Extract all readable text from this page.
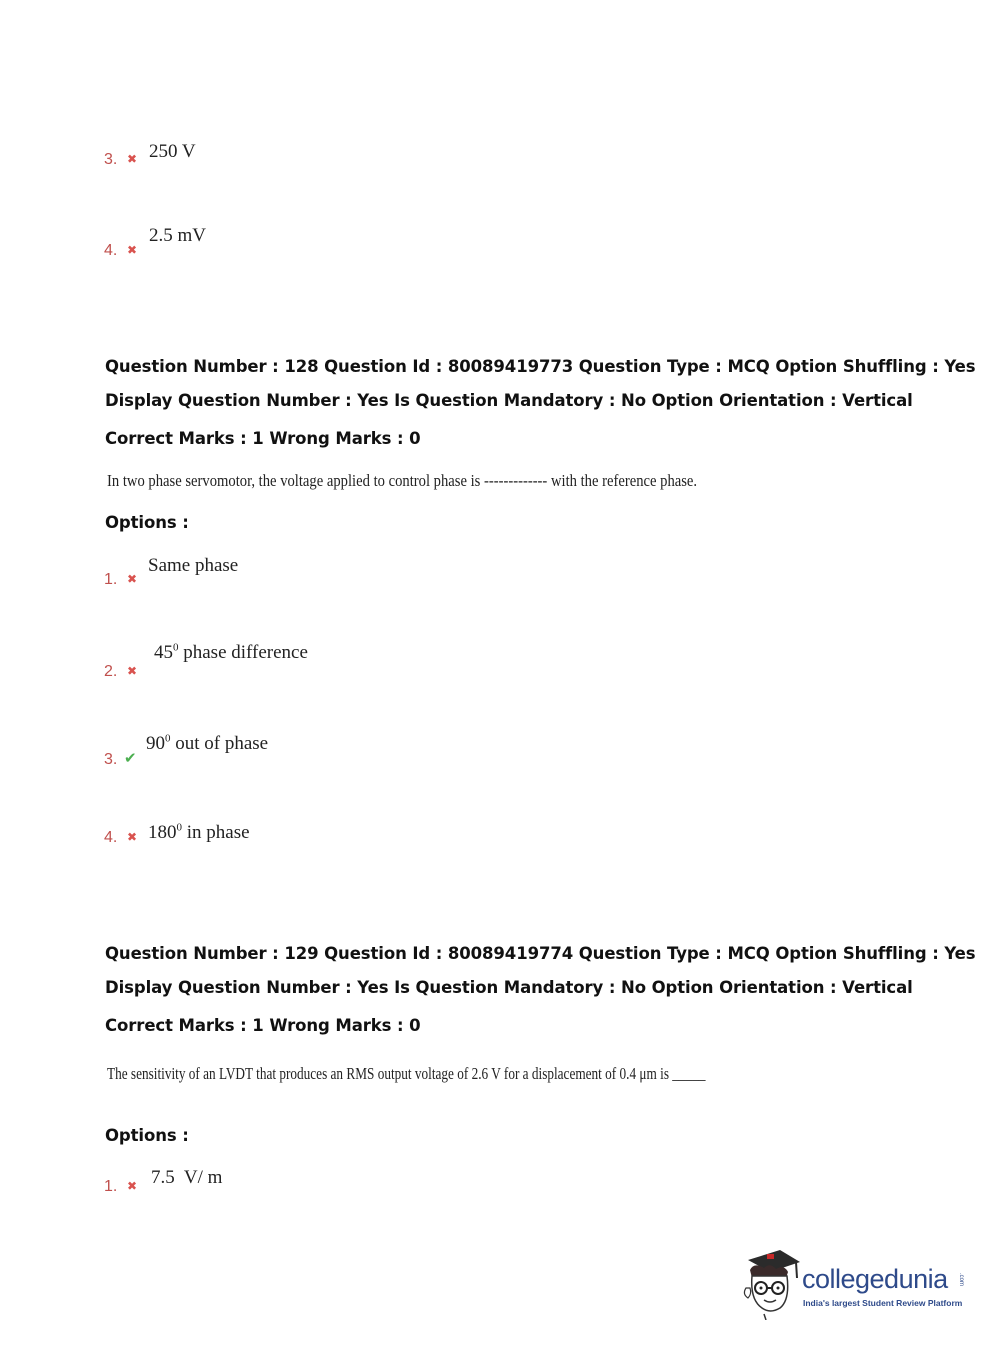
3. ✖ 250 V
4. ✖
2.5 mV
Question Number : 128 Question Id : 80089419773 Question Type : MCQ Option Shuffling : Yes
Display Question Number : Yes Is Question Mandatory : No Option Orientation : Vertical
Correct Marks : 1 Wrong Marks : 0
In two phase servomotor, the voltage applied to control phase is ------------- with the reference phase.
Options :
1. ✖
Same phase
2. ✖
$45^0$ phase difference
3. ✔
$90^0$ out of phase
4. ✖ $180^0$ in phase
Question Number : 129 Question Id : 80089419774 Question Type : MCQ Option Shuffling : Yes
Display Question Number : Yes Is Question Mandatory : No Option Orientation : Vertical
Correct Marks : 1 Wrong Marks : 0
The sensitivity of an LVDT that produces an RMS output voltage of 2.6 V for a displacement of 0.4 μm is _____
Options :
1. ✖ 7.5  V/ m
collegedunia .com
India's largest Student Review Platform
